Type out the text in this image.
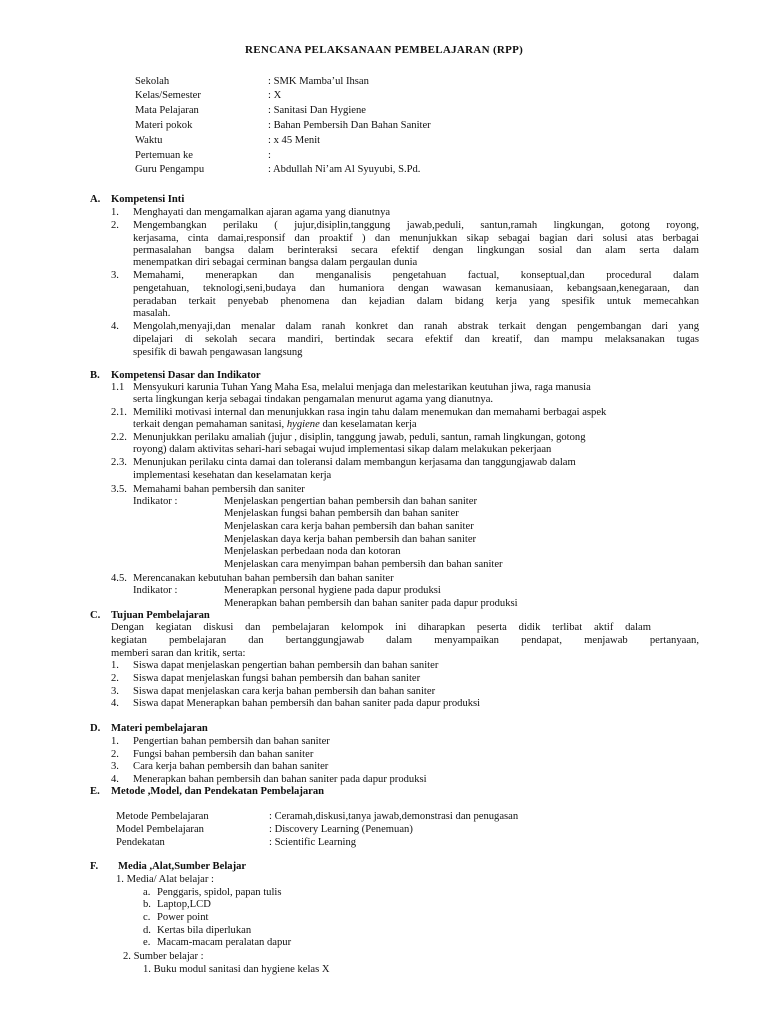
RENCANA PELAKSANAAN PEMBELAJARAN (RPP)
Sekolah	: SMK Mamba’ul Ihsan
Kelas/Semester	: X
Mata Pelajaran	: Sanitasi Dan Hygiene
Materi pokok	: Bahan Pembersih Dan Bahan Saniter
Waktu	: x 45 Menit
Pertemuan ke	:
Guru Pengampu	: Abdullah Ni’am Al Syuyubi, S.Pd.
A. Kompetensi Inti
1. Menghayati dan mengamalkan ajaran agama yang dianutnya
2. Mengembangkan perilaku ( jujur,disiplin,tanggung jawab,peduli, santun,ramah lingkungan, gotong royong,
kerjasama, cinta damai,responsif dan proaktif ) dan menunjukkan sikap sebagai bagian dari solusi atas berbagai
permasalahan bangsa dalam berinteraksi secara efektif dengan lingkungan sosial dan alam serta dalam
menempatkan diri sebagai cerminan bangsa dalam pergaulan dunia
3. Memahami, menerapkan dan menganalisis pengetahuan factual, konseptual,dan procedural dalam
pengetahuan, teknologi,seni,budaya dan humaniora dengan wawasan kemanusiaan, kebangsaan,kenegaraan, dan
peradaban terkait penyebab phenomena dan kejadian dalam bidang kerja yang spesifik untuk memecahkan
masalah.
4. Mengolah,menyaji,dan menalar dalam ranah konkret dan ranah abstrak terkait dengan pengembangan dari yang
dipelajari di sekolah secara mandiri, bertindak secara efektif dan kreatif, dan mampu melaksanakan tugas
spesifik di bawah pengawasan langsung
B. Kompetensi Dasar dan Indikator
1.1 Mensyukuri karunia Tuhan Yang Maha Esa, melalui menjaga dan melestarikan keutuhan jiwa, raga manusia
serta lingkungan kerja sebagai tindakan pengamalan menurut agama yang dianutnya.
2.1. Memiliki motivasi internal dan menunjukkan rasa ingin tahu dalam menemukan dan memahami berbagai aspek
terkait dengan pemahaman sanitasi, hygiene dan keselamatan kerja
2.2. Menunjukkan perilaku amaliah (jujur , disiplin, tanggung jawab, peduli, santun, ramah lingkungan, gotong
royong) dalam aktivitas sehari-hari sebagai wujud implementasi sikap dalam melakukan pekerjaan
2.3. Menunjukan perilaku cinta damai dan toleransi dalam membangun kerjasama dan tanggungjawab dalam
implementasi kesehatan dan keselamatan kerja
3.5. Memahami bahan pembersih dan saniter
Indikator :	Menjelaskan pengertian bahan pembersih dan bahan saniter
Menjelaskan fungsi bahan pembersih dan bahan saniter
Menjelaskan cara kerja bahan pembersih dan bahan saniter
Menjelaskan daya kerja bahan pembersih dan bahan saniter
Menjelaskan perbedaan noda dan kotoran
Menjelaskan cara menyimpan bahan pembersih dan bahan saniter
4.5. Merencanakan kebutuhan bahan pembersih dan bahan saniter
Indikator :	Menerapkan personal hygiene pada dapur produksi
Menerapkan bahan pembersih dan bahan saniter pada dapur produksi
C. Tujuan Pembelajaran
Dengan kegiatan diskusi dan pembelajaran kelompok ini diharapkan peserta didik terlibat aktif dalam
kegiatan pembelajaran dan bertanggungjawab dalam menyampaikan pendapat, menjawab pertanyaan,
memberi saran dan kritik, serta:
1. Siswa dapat menjelaskan pengertian bahan pembersih dan bahan saniter
2. Siswa dapat menjelaskan fungsi bahan pembersih dan bahan saniter
3. Siswa dapat menjelaskan cara kerja bahan pembersih dan bahan saniter
4. Siswa dapat Menerapkan bahan pembersih dan bahan saniter pada dapur produksi
D. Materi pembelajaran
1. Pengertian bahan pembersih dan bahan saniter
2. Fungsi bahan pembersih dan bahan saniter
3. Cara kerja bahan pembersih dan bahan saniter
4. Menerapkan bahan pembersih dan bahan saniter pada dapur produksi
E. Metode ,Model, dan Pendekatan Pembelajaran
Metode Pembelajaran	: Ceramah,diskusi,tanya jawab,demonstrasi dan penugasan
Model Pembelajaran	: Discovery Learning (Penemuan)
Pendekatan	: Scientific Learning
F. Media ,Alat,Sumber Belajar
1. Media/ Alat belajar :
a. Penggaris, spidol, papan tulis
b. Laptop,LCD
c. Power point
d. Kertas bila diperlukan
e. Macam-macam peralatan dapur
2. Sumber belajar :
1. Buku modul sanitasi dan hygiene kelas X
